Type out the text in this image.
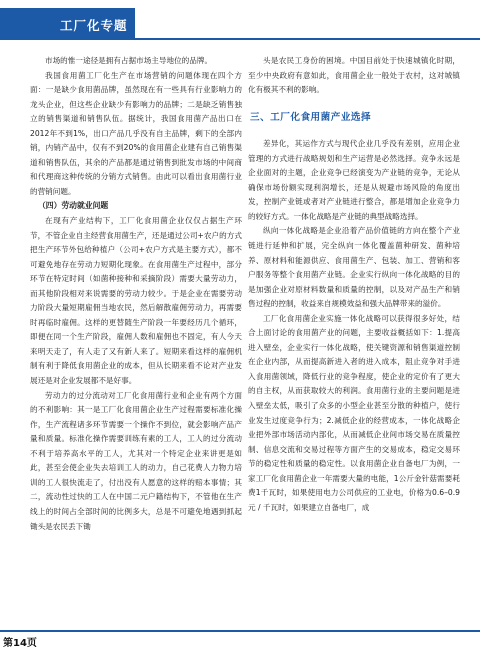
工厂化专题

市场的惟一途径是拥有占据市场主导地位的品牌。

我国食用菌工厂化生产在市场营销的问题体现在四个方面：一是缺少食用菌品牌，虽然现在有一些具有行业影响力的龙头企业，但这些企业缺少有影响力的品牌；二是缺乏销售独立的销售渠道和销售队伍。据统计，我国食用菌产品出口在2012年不到1%，出口产品几乎没有自主品牌，剩下的全部内销，内销产品中，仅有不到20%的食用菌企业建有自己销售渠道和销售队伍，其余的产品都是通过销售到批发市场的中间商和代理商这种传统的分销方式销售。由此可以看出食用菌行业的营销问题。

（四）劳动就业问题

在现有产业结构下，工厂化食用菌企业仅仅占据生产环节，不管企业自主经营食用菌生产，还是通过公司+农户的方式把生产环节外包给种植户（公司+农户方式是主要方式），都不可避免地存在劳动力短期化现象。在食用菌生产过程中，部分环节在特定时间（如菌种接种和采摘阶段）需要大量劳动力，而其他阶段相对来说需要的劳动力较少。于是企业在需要劳动力阶段大量短期雇佣当地农民，然后解散雇佣劳动力，再需要时再临时雇佣。这样的更替随生产阶段一年要经历几个循环，即便在同一个生产阶段，雇佣人数和雇佣也不固定，有人今天来明天走了，有人走了又有新人来了。短期来看这样的雇佣机制有利于降低食用菌企业的成本，但从长期来看不论对产业发展还是对企业发展都不是好事。

劳动力的过分流动对工厂化食用菌行业和企业有两个方面的不利影响：其一是工厂化食用菌企业生产过程需要标准化操作，生产流程诸多环节需要一个操作不到位，就会影响产品产量和质量。标准化操作需要训练有素的工人，工人的过分流动不利于培养高水平的工人，尤其对一个特定企业来讲更是如此，甚至会使企业失去培训工人的动力，自己花费人力物力培训的工人很快流走了，付出没有人愿意的这样的赔本事情；其二，流动性过快的工人在中国二元户籍结构下，不管他在生产线上的时间占全部时间的比例多大，总是不可避免地遇到抓起锄头是农民丢下锄

头是农民工身份的困境。中国目前处于快速城镇化时期，至少中央政府有意如此，食用菌企业一般处于农村，这对城镇化有极其不利的影响。

三、工厂化食用菌产业选择

差异化，其运作方式与现代企业几乎没有差别，应用企业管理的方式进行战略规划和生产运营是必然选择。竞争永远是企业面对的主题，企业竞争已经演变为产业链的竞争，无论从确保市场份额实现利润增长，还是从规避市场风险的角度出发，控制产业链或者对产业链进行整合，都是增加企业竞争力的较好方式。一体化战略是产业链的典型战略选择。

纵向一体化战略是企业沿着产品价值链的方向在整个产业链进行延伸和扩展，完全纵向一体化覆盖菌种研发、菌种培养、原材料和能源供应、食用菌生产、包装、加工、营销和客户服务等整个食用菌产业链。企业实行纵向一体化战略的目的是加强企业对原材料数量和质量的控制，以及对产品生产和销售过程的控制，收益来自规模效益和强大品牌带来的溢价。

工厂化食用菌企业实施一体化战略可以获得很多好处，结合上面讨论的食用菌产业的问题，主要收益概括如下：1.提高进入壁垒，企业实行一体化战略，使关键资源和销售渠道控制在企业内部，从而提高新进入者的进入成本，阻止竞争对手进入食用菌领域，降低行业的竞争程度，使企业的定价有了更大的自主权，从而获取较大的利润。食用菌行业的主要问题是进入壁垒太低，吸引了众多的小型企业甚至分散的种植户，使行业发生过度竞争行为；2.减低企业的经营成本，一体化战略企业把外部市场活动内部化，从而减低企业间市场交易在质量控制、信息交流和交易过程等方面产生的交易成本，稳定交易环节的稳定性和质量的稳定性。以食用菌企业自备电厂为例，一家工厂化食用菌企业一年需要大量的电能，1公斤金针菇需要耗费1千瓦时，如果使用电力公司供应的工业电，价格为0.6–0.9元 / 千瓦时，如果建立自备电厂，成

第14页
